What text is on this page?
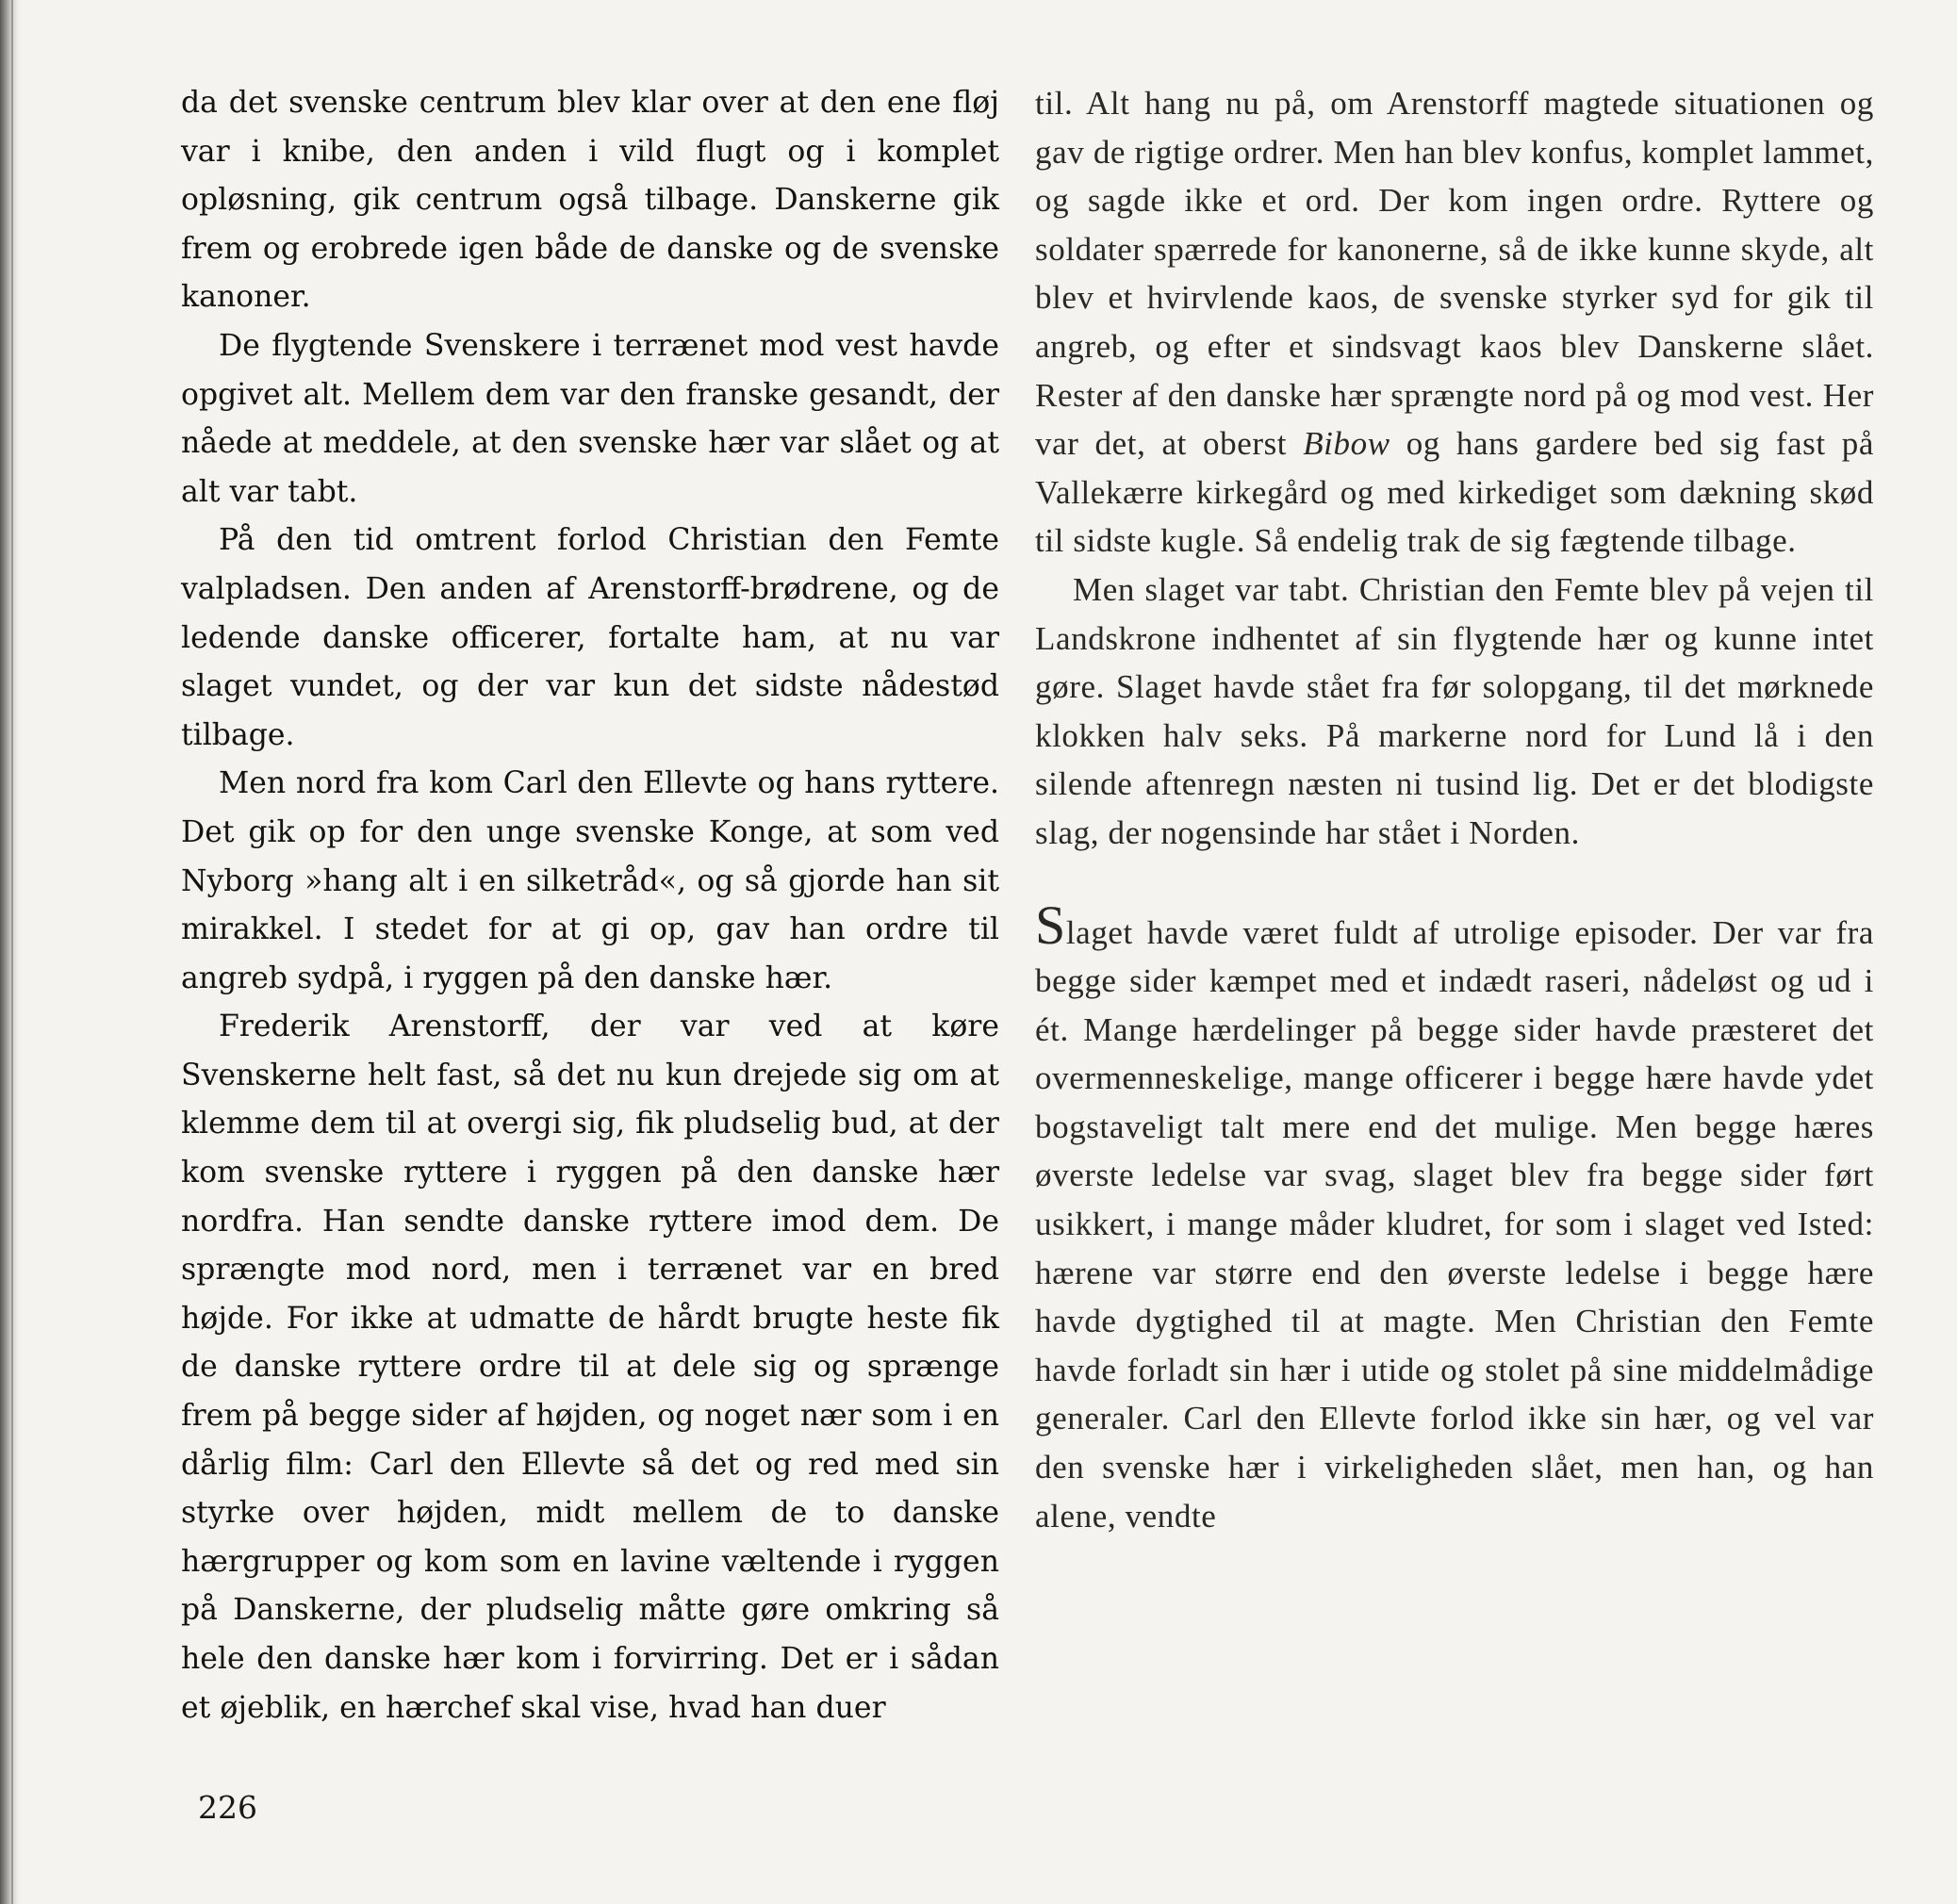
da det svenske centrum blev klar over at den ene fløj var i knibe, den anden i vild flugt og i komplet opløsning, gik centrum også tilbage. Danskerne gik frem og erobrede igen både de danske og de svenske kanoner.

De flygtende Svenskere i terrænet mod vest havde opgivet alt. Mellem dem var den franske gesandt, der nåede at meddele, at den svenske hær var slået og at alt var tabt.

På den tid omtrent forlod Christian den Femte valpladsen. Den anden af Arenstorff-brødrene, og de ledende danske officerer, fortalte ham, at nu var slaget vundet, og der var kun det sidste nådestød tilbage.

Men nord fra kom Carl den Ellevte og hans ryttere. Det gik op for den unge svenske Konge, at som ved Nyborg »hang alt i en silketråd«, og så gjorde han sit mirakkel. I stedet for at gi op, gav han ordre til angreb sydpå, i ryggen på den danske hær.

Frederik Arenstorff, der var ved at køre Svenskerne helt fast, så det nu kun drejede sig om at klemme dem til at overgi sig, fik pludselig bud, at der kom svenske ryttere i ryggen på den danske hær nordfra. Han sendte danske ryttere imod dem. De sprængte mod nord, men i terrænet var en bred højde. For ikke at udmatte de hårdt brugte heste fik de danske ryttere ordre til at dele sig og sprænge frem på begge sider af højden, og noget nær som i en dårlig film: Carl den Ellevte så det og red med sin styrke over højden, midt mellem de to danske hærgrupper og kom som en lavine væltende i ryggen på Danskerne, der pludselig måtte gøre omkring så hele den danske hær kom i forvirring. Det er i sådan et øjeblik, en hærchef skal vise, hvad han duer

til. Alt hang nu på, om Arenstorff magtede situationen og gav de rigtige ordrer. Men han blev konfus, komplet lammet, og sagde ikke et ord. Der kom ingen ordre. Ryttere og soldater spærrede for kanonerne, så de ikke kunne skyde, alt blev et hvirvlende kaos, de svenske styrker syd for gik til angreb, og efter et sindsvagt kaos blev Danskerne slået. Rester af den danske hær sprængte nord på og mod vest. Her var det, at oberst Bibow og hans gardere bed sig fast på Vallekærre kirkegård og med kirkediget som dækning skød til sidste kugle. Så endelig trak de sig fægtende tilbage.

Men slaget var tabt. Christian den Femte blev på vejen til Landskrone indhentet af sin flygtende hær og kunne intet gøre. Slaget havde stået fra før solopgang, til det mørknede klokken halv seks. På markerne nord for Lund lå i den silende aftenregn næsten ni tusind lig. Det er det blodigste slag, der nogensinde har stået i Norden.

Slaget havde været fuldt af utrolige episoder. Der var fra begge sider kæmpet med et indædt raseri, nådeløst og ud i ét. Mange hærdelinger på begge sider havde præsteret det overmenneskelige, mange officerer i begge hære havde ydet bogstaveligt talt mere end det mulige. Men begge hæres øverste ledelse var svag, slaget blev fra begge sider ført usikkert, i mange måder kludret, for som i slaget ved Isted: hærene var større end den øverste ledelse i begge hære havde dygtighed til at magte. Men Christian den Femte havde forladt sin hær i utide og stolet på sine middelmådige generaler. Carl den Ellevte forlod ikke sin hær, og vel var den svenske hær i virkeligheden slået, men han, og han alene, vendte

226
